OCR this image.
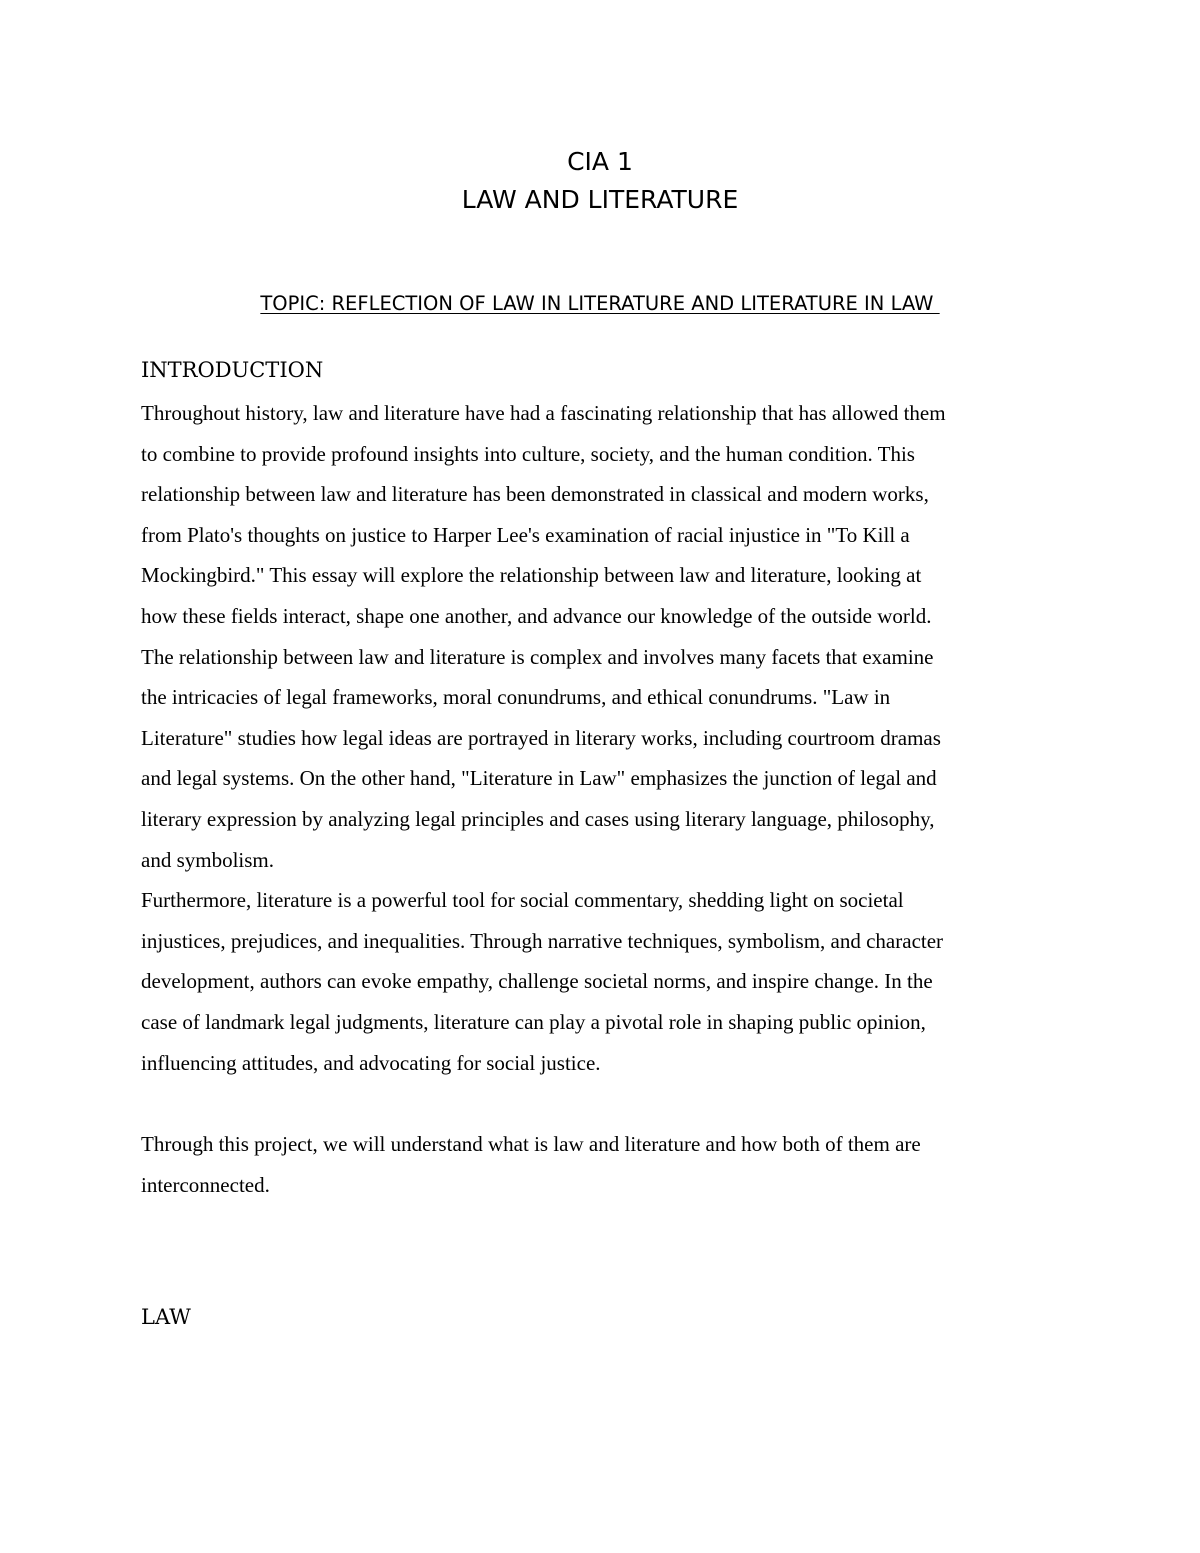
CIA 1
LAW AND LITERATURE
TOPIC: REFLECTION OF LAW IN LITERATURE AND LITERATURE IN LAW
INTRODUCTION
Throughout history, law and literature have had a fascinating relationship that has allowed them
to combine to provide profound insights into culture, society, and the human condition. This
relationship between law and literature has been demonstrated in classical and modern works,
from Plato's thoughts on justice to Harper Lee's examination of racial injustice in "To Kill a
Mockingbird." This essay will explore the relationship between law and literature, looking at
how these fields interact, shape one another, and advance our knowledge of the outside world.
The relationship between law and literature is complex and involves many facets that examine
the intricacies of legal frameworks, moral conundrums, and ethical conundrums. "Law in
Literature" studies how legal ideas are portrayed in literary works, including courtroom dramas
and legal systems. On the other hand, "Literature in Law" emphasizes the junction of legal and
literary expression by analyzing legal principles and cases using literary language, philosophy,
and symbolism.
Furthermore, literature is a powerful tool for social commentary, shedding light on societal
injustices, prejudices, and inequalities. Through narrative techniques, symbolism, and character
development, authors can evoke empathy, challenge societal norms, and inspire change. In the
case of landmark legal judgments, literature can play a pivotal role in shaping public opinion,
influencing attitudes, and advocating for social justice.
Through this project, we will understand what is law and literature and how both of them are
interconnected.
LAW
